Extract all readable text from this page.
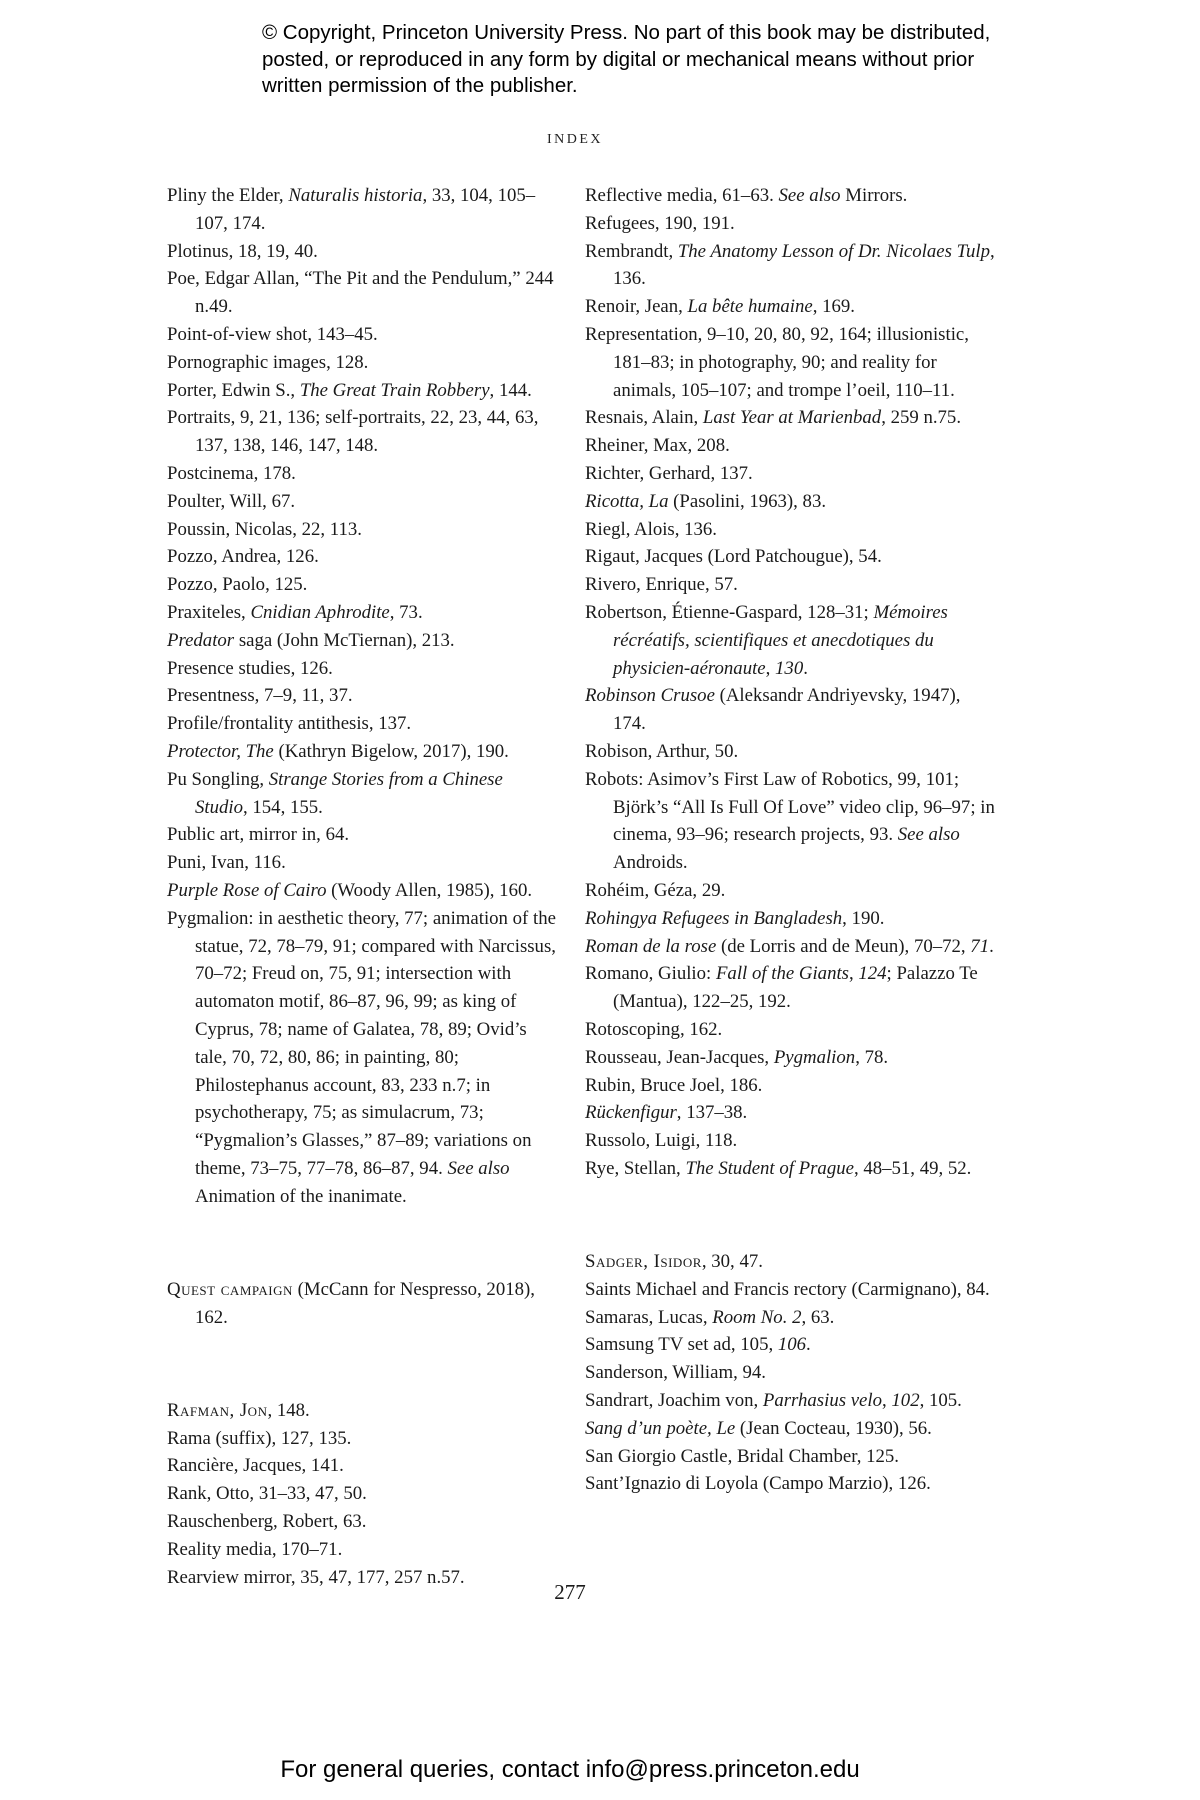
© Copyright, Princeton University Press. No part of this book may be distributed, posted, or reproduced in any form by digital or mechanical means without prior written permission of the publisher.

INDEX

Pliny the Elder, Naturalis historia, 33, 104, 105–107, 174.

Plotinus, 18, 19, 40.

Poe, Edgar Allan, “The Pit and the Pendulum,” 244 n.49.

Point-of-view shot, 143–45.

Pornographic images, 128.

Porter, Edwin S., The Great Train Robbery, 144.

Portraits, 9, 21, 136; self-portraits, 22, 23, 44, 63, 137, 138, 146, 147, 148.

Postcinema, 178.

Poulter, Will, 67.

Poussin, Nicolas, 22, 113.

Pozzo, Andrea, 126.

Pozzo, Paolo, 125.

Praxiteles, Cnidian Aphrodite, 73.

Predator saga (John McTiernan), 213.

Presence studies, 126.

Presentness, 7–9, 11, 37.

Profile/frontality antithesis, 137.

Protector, The (Kathryn Bigelow, 2017), 190.

Pu Songling, Strange Stories from a Chinese Studio, 154, 155.

Public art, mirror in, 64.

Puni, Ivan, 116.

Purple Rose of Cairo (Woody Allen, 1985), 160.

Pygmalion: in aesthetic theory, 77; animation of the statue, 72, 78–79, 91; compared with Narcissus, 70–72; Freud on, 75, 91; intersection with automaton motif, 86–87, 96, 99; as king of Cyprus, 78; name of Galatea, 78, 89; Ovid’s tale, 70, 72, 80, 86; in painting, 80; Philostephanus account, 83, 233 n.7; in psychotherapy, 75; as simulacrum, 73; “Pygmalion’s Glasses,” 87–89; variations on theme, 73–75, 77–78, 86–87, 94. See also Animation of the inanimate.

Quest campaign (McCann for Nespresso, 2018), 162.

Rafman, Jon, 148.

Rama (suffix), 127, 135.

Rancière, Jacques, 141.

Rank, Otto, 31–33, 47, 50.

Rauschenberg, Robert, 63.

Reality media, 170–71.

Rearview mirror, 35, 47, 177, 257 n.57.

Reflective media, 61–63. See also Mirrors.

Refugees, 190, 191.

Rembrandt, The Anatomy Lesson of Dr. Nicolaes Tulp, 136.

Renoir, Jean, La bête humaine, 169.

Representation, 9–10, 20, 80, 92, 164; illusionistic, 181–83; in photography, 90; and reality for animals, 105–107; and trompe l’oeil, 110–11.

Resnais, Alain, Last Year at Marienbad, 259 n.75.

Rheiner, Max, 208.

Richter, Gerhard, 137.

Ricotta, La (Pasolini, 1963), 83.

Riegl, Alois, 136.

Rigaut, Jacques (Lord Patchougue), 54.

Rivero, Enrique, 57.

Robertson, Étienne-Gaspard, 128–31; Mémoires récréatifs, scientifiques et anecdotiques du physicien-aéronaute, 130.

Robinson Crusoe (Aleksandr Andriyevsky, 1947), 174.

Robison, Arthur, 50.

Robots: Asimov’s First Law of Robotics, 99, 101; Björk’s “All Is Full Of Love” video clip, 96–97; in cinema, 93–96; research projects, 93. See also Androids.

Rohéim, Géza, 29.

Rohingya Refugees in Bangladesh, 190.

Roman de la rose (de Lorris and de Meun), 70–72, 71.

Romano, Giulio: Fall of the Giants, 124; Palazzo Te (Mantua), 122–25, 192.

Rotoscoping, 162.

Rousseau, Jean-Jacques, Pygmalion, 78.

Rubin, Bruce Joel, 186.

Rückenfigur, 137–38.

Russolo, Luigi, 118.

Rye, Stellan, The Student of Prague, 48–51, 49, 52.

Sadger, Isidor, 30, 47.

Saints Michael and Francis rectory (Carmignano), 84.

Samaras, Lucas, Room No. 2, 63.

Samsung TV set ad, 105, 106.

Sanderson, William, 94.

Sandrart, Joachim von, Parrhasius velo, 102, 105.

Sang d’un poète, Le (Jean Cocteau, 1930), 56.

San Giorgio Castle, Bridal Chamber, 125.

Sant’Ignazio di Loyola (Campo Marzio), 126.

277
For general queries, contact info@press.princeton.edu
